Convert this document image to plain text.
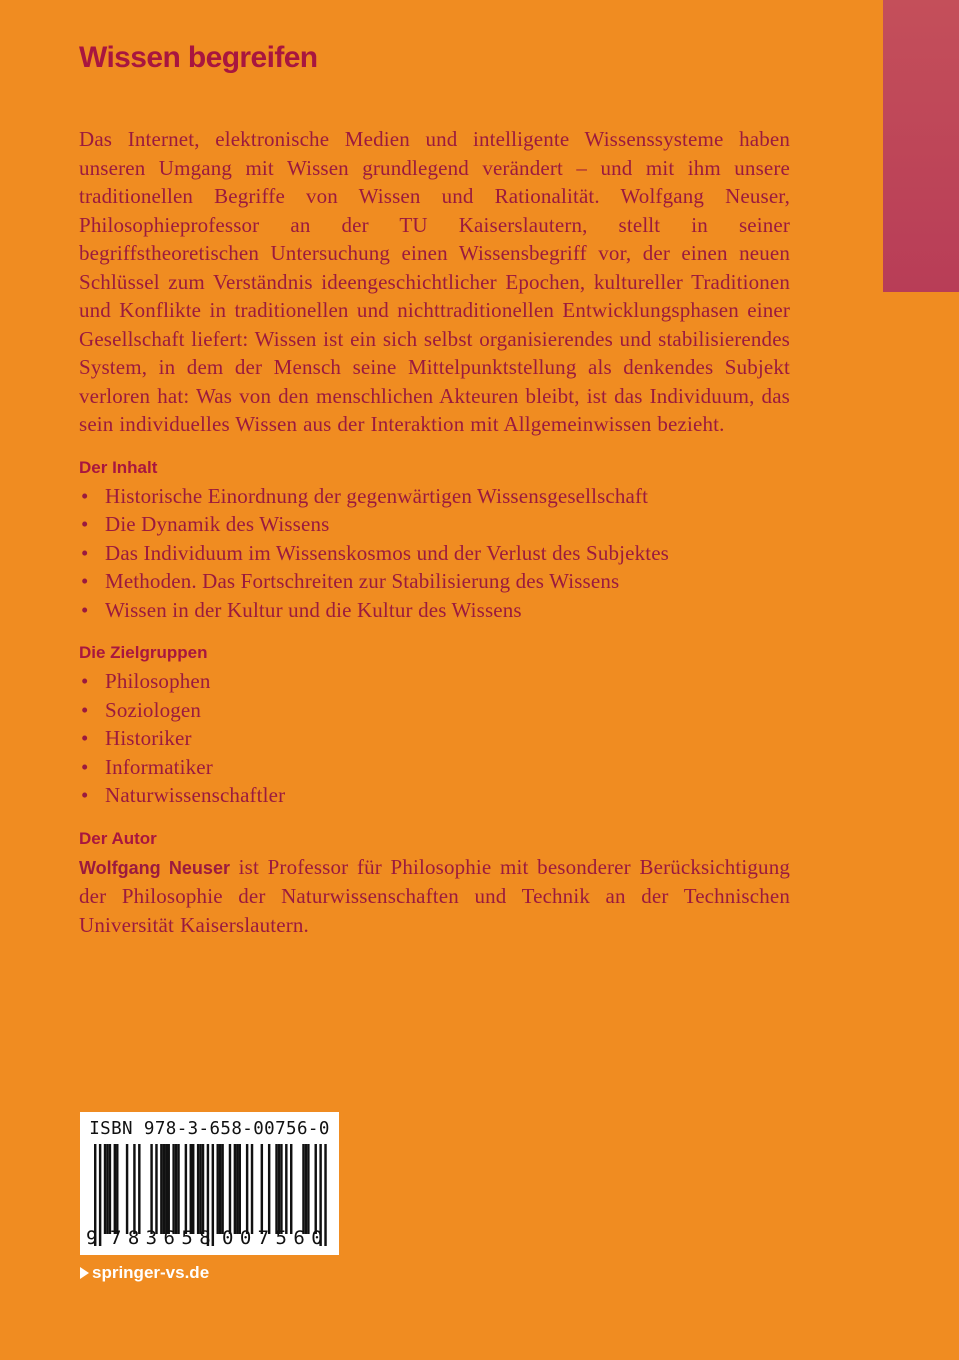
Wissen begreifen

Das Internet, elektronische Medien und intelligente Wissenssysteme haben unseren Umgang mit Wissen grundlegend verändert – und mit ihm unsere traditionellen Begriffe von Wissen und Rationalität. Wolfgang Neuser, Philosophieprofessor an der TU Kaiserslautern, stellt in seiner begriffstheoretischen Untersuchung einen Wissensbegriff vor, der einen neuen Schlüssel zum Verständnis ideengeschichtlicher Epochen, kultureller Traditionen und Konflikte in traditionellen und nichttraditionellen Entwicklungsphasen einer Gesellschaft liefert: Wissen ist ein sich selbst organisierendes und stabilisierendes System, in dem der Mensch seine Mittelpunktstellung als denkendes Subjekt verloren hat: Was von den menschlichen Akteuren bleibt, ist das Individuum, das sein individuelles Wissen aus der Interaktion mit Allgemeinwissen bezieht.

Der Inhalt
• Historische Einordnung der gegenwärtigen Wissensgesellschaft
• Die Dynamik des Wissens
• Das Individuum im Wissenskosmos und der Verlust des Subjektes
• Methoden. Das Fortschreiten zur Stabilisierung des Wissens
• Wissen in der Kultur und die Kultur des Wissens
Die Zielgruppen
• Philosophen
• Soziologen
• Historiker
• Informatiker
• Naturwissenschaftler
Der Autor

Wolfgang Neuser ist Professor für Philosophie mit besonderer Berücksichtigung der Philosophie der Naturwissenschaften und Technik an der Technischen Universität Kaiserslautern.

ISBN 978-3-658-00756-0
9 783658 007560
springer-vs.de
